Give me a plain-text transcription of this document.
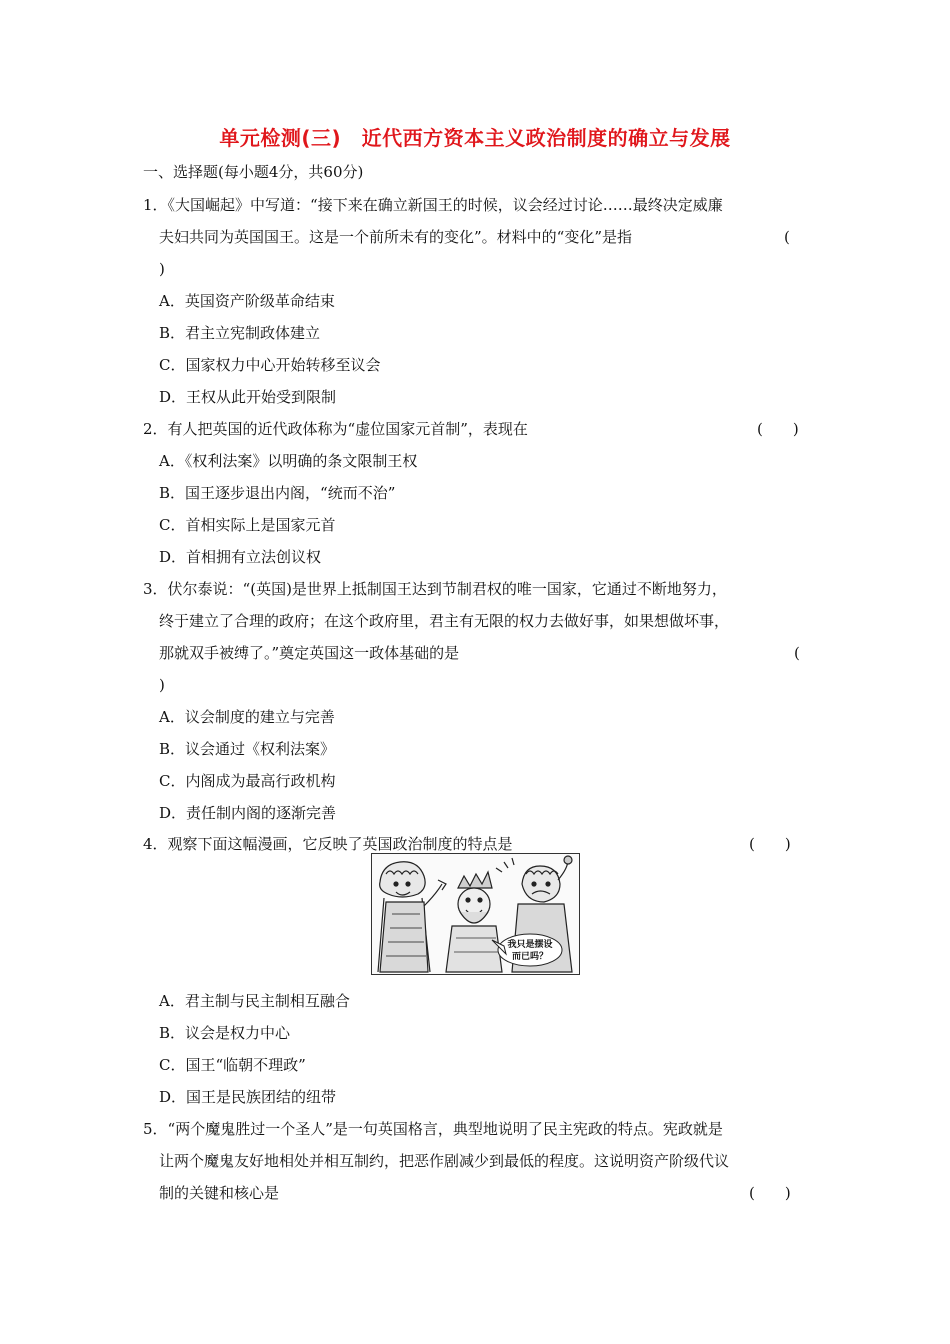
单元检测(三)　近代西方资本主义政治制度的确立与发展
一、选择题(每小题4分，共60分)
1．《大国崛起》中写道：“接下来在确立新国王的时候，议会经过讨论……最终决定威廉
夫妇共同为英国国王。这是一个前所未有的变化”。材料中的“变化”是指	(
)
A．英国资产阶级革命结束
B．君主立宪制政体建立
C．国家权力中心开始转移至议会
D．王权从此开始受到限制
2．有人把英国的近代政体称为“虚位国家元首制”，表现在	(　　)
A．《权利法案》以明确的条文限制王权
B．国王逐步退出内阁，“统而不治”
C．首相实际上是国家元首
D．首相拥有立法创议权
3．伏尔泰说：“(英国)是世界上抵制国王达到节制君权的唯一国家，它通过不断地努力，
终于建立了合理的政府；在这个政府里，君主有无限的权力去做好事，如果想做坏事，
那就双手被缚了。”奠定英国这一政体基础的是	(
)
A．议会制度的建立与完善
B．议会通过《权利法案》
C．内阁成为最高行政机构
D．责任制内阁的逐渐完善
4．观察下面这幅漫画，它反映了英国政治制度的特点是	(　　)
我只是摆设
而已吗？
A．君主制与民主制相互融合
B．议会是权力中心
C．国王“临朝不理政”
D．国王是民族团结的纽带
5．“两个魔鬼胜过一个圣人”是一句英国格言，典型地说明了民主宪政的特点。宪政就是
让两个魔鬼友好地相处并相互制约，把恶作剧减少到最低的程度。这说明资产阶级代议
制的关键和核心是	(　　)
